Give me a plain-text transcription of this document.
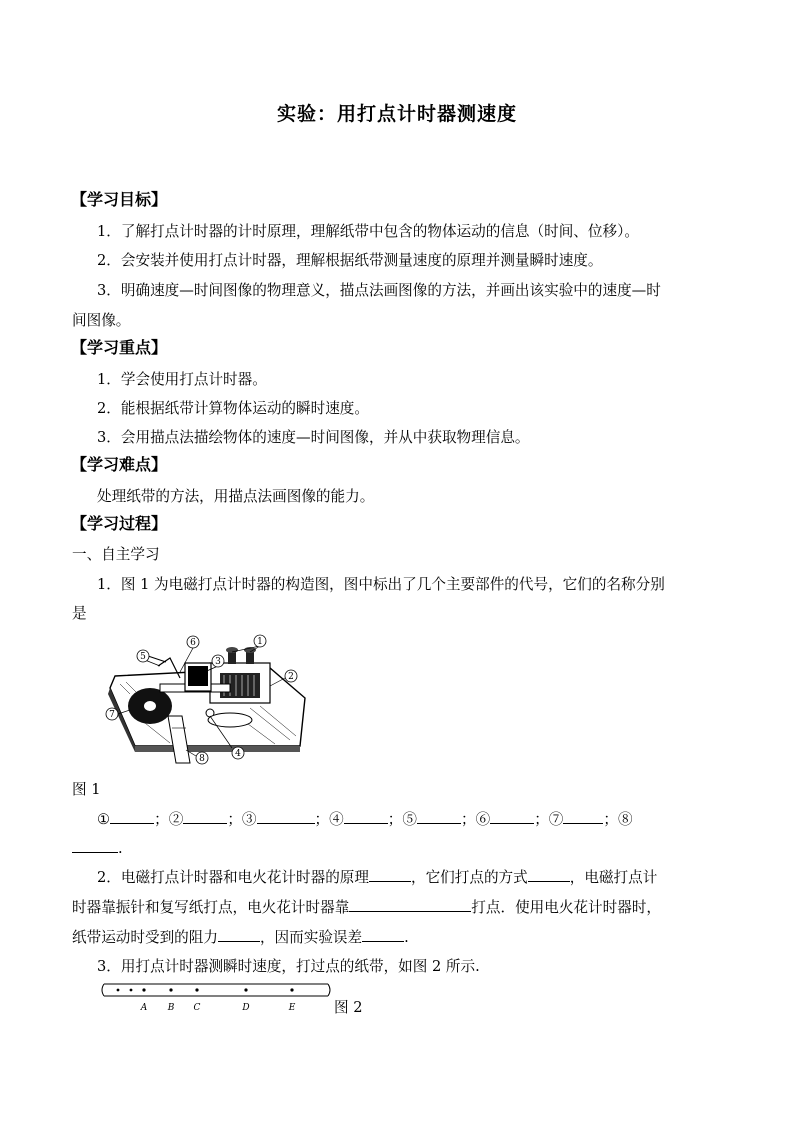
实验：用打点计时器测速度
【学习目标】
1．了解打点计时器的计时原理，理解纸带中包含的物体运动的信息（时间、位移）。
2．会安装并使用打点计时器，理解根据纸带测量速度的原理并测量瞬时速度。
3．明确速度—时间图像的物理意义，描点法画图像的方法，并画出该实验中的速度—时
间图像。
【学习重点】
1．学会使用打点计时器。
2．能根据纸带计算物体运动的瞬时速度。
3．会用描点法描绘物体的速度—时间图像，并从中获取物理信息。
【学习难点】
处理纸带的方法，用描点法画图像的能力。
【学习过程】
一、自主学习
1．图 1 为电磁打点计时器的构造图，图中标出了几个主要部件的代号，它们的名称分别
是
1
2
3
4
5
6
7
8
图 1
①	；②	；③	；④	；⑤	；⑥	；⑦	；⑧
.
2．电磁打点计时器和电火花计时器的原理	，它们打点的方式	，电磁打点计
时器靠振针和复写纸打点，电火花计时器靠	打点．使用电火花计时器时，
纸带运动时受到的阻力	，因而实验误差	.
3．用打点计时器测瞬时速度，打过点的纸带，如图 2 所示.
A B C	D	E	图 2
